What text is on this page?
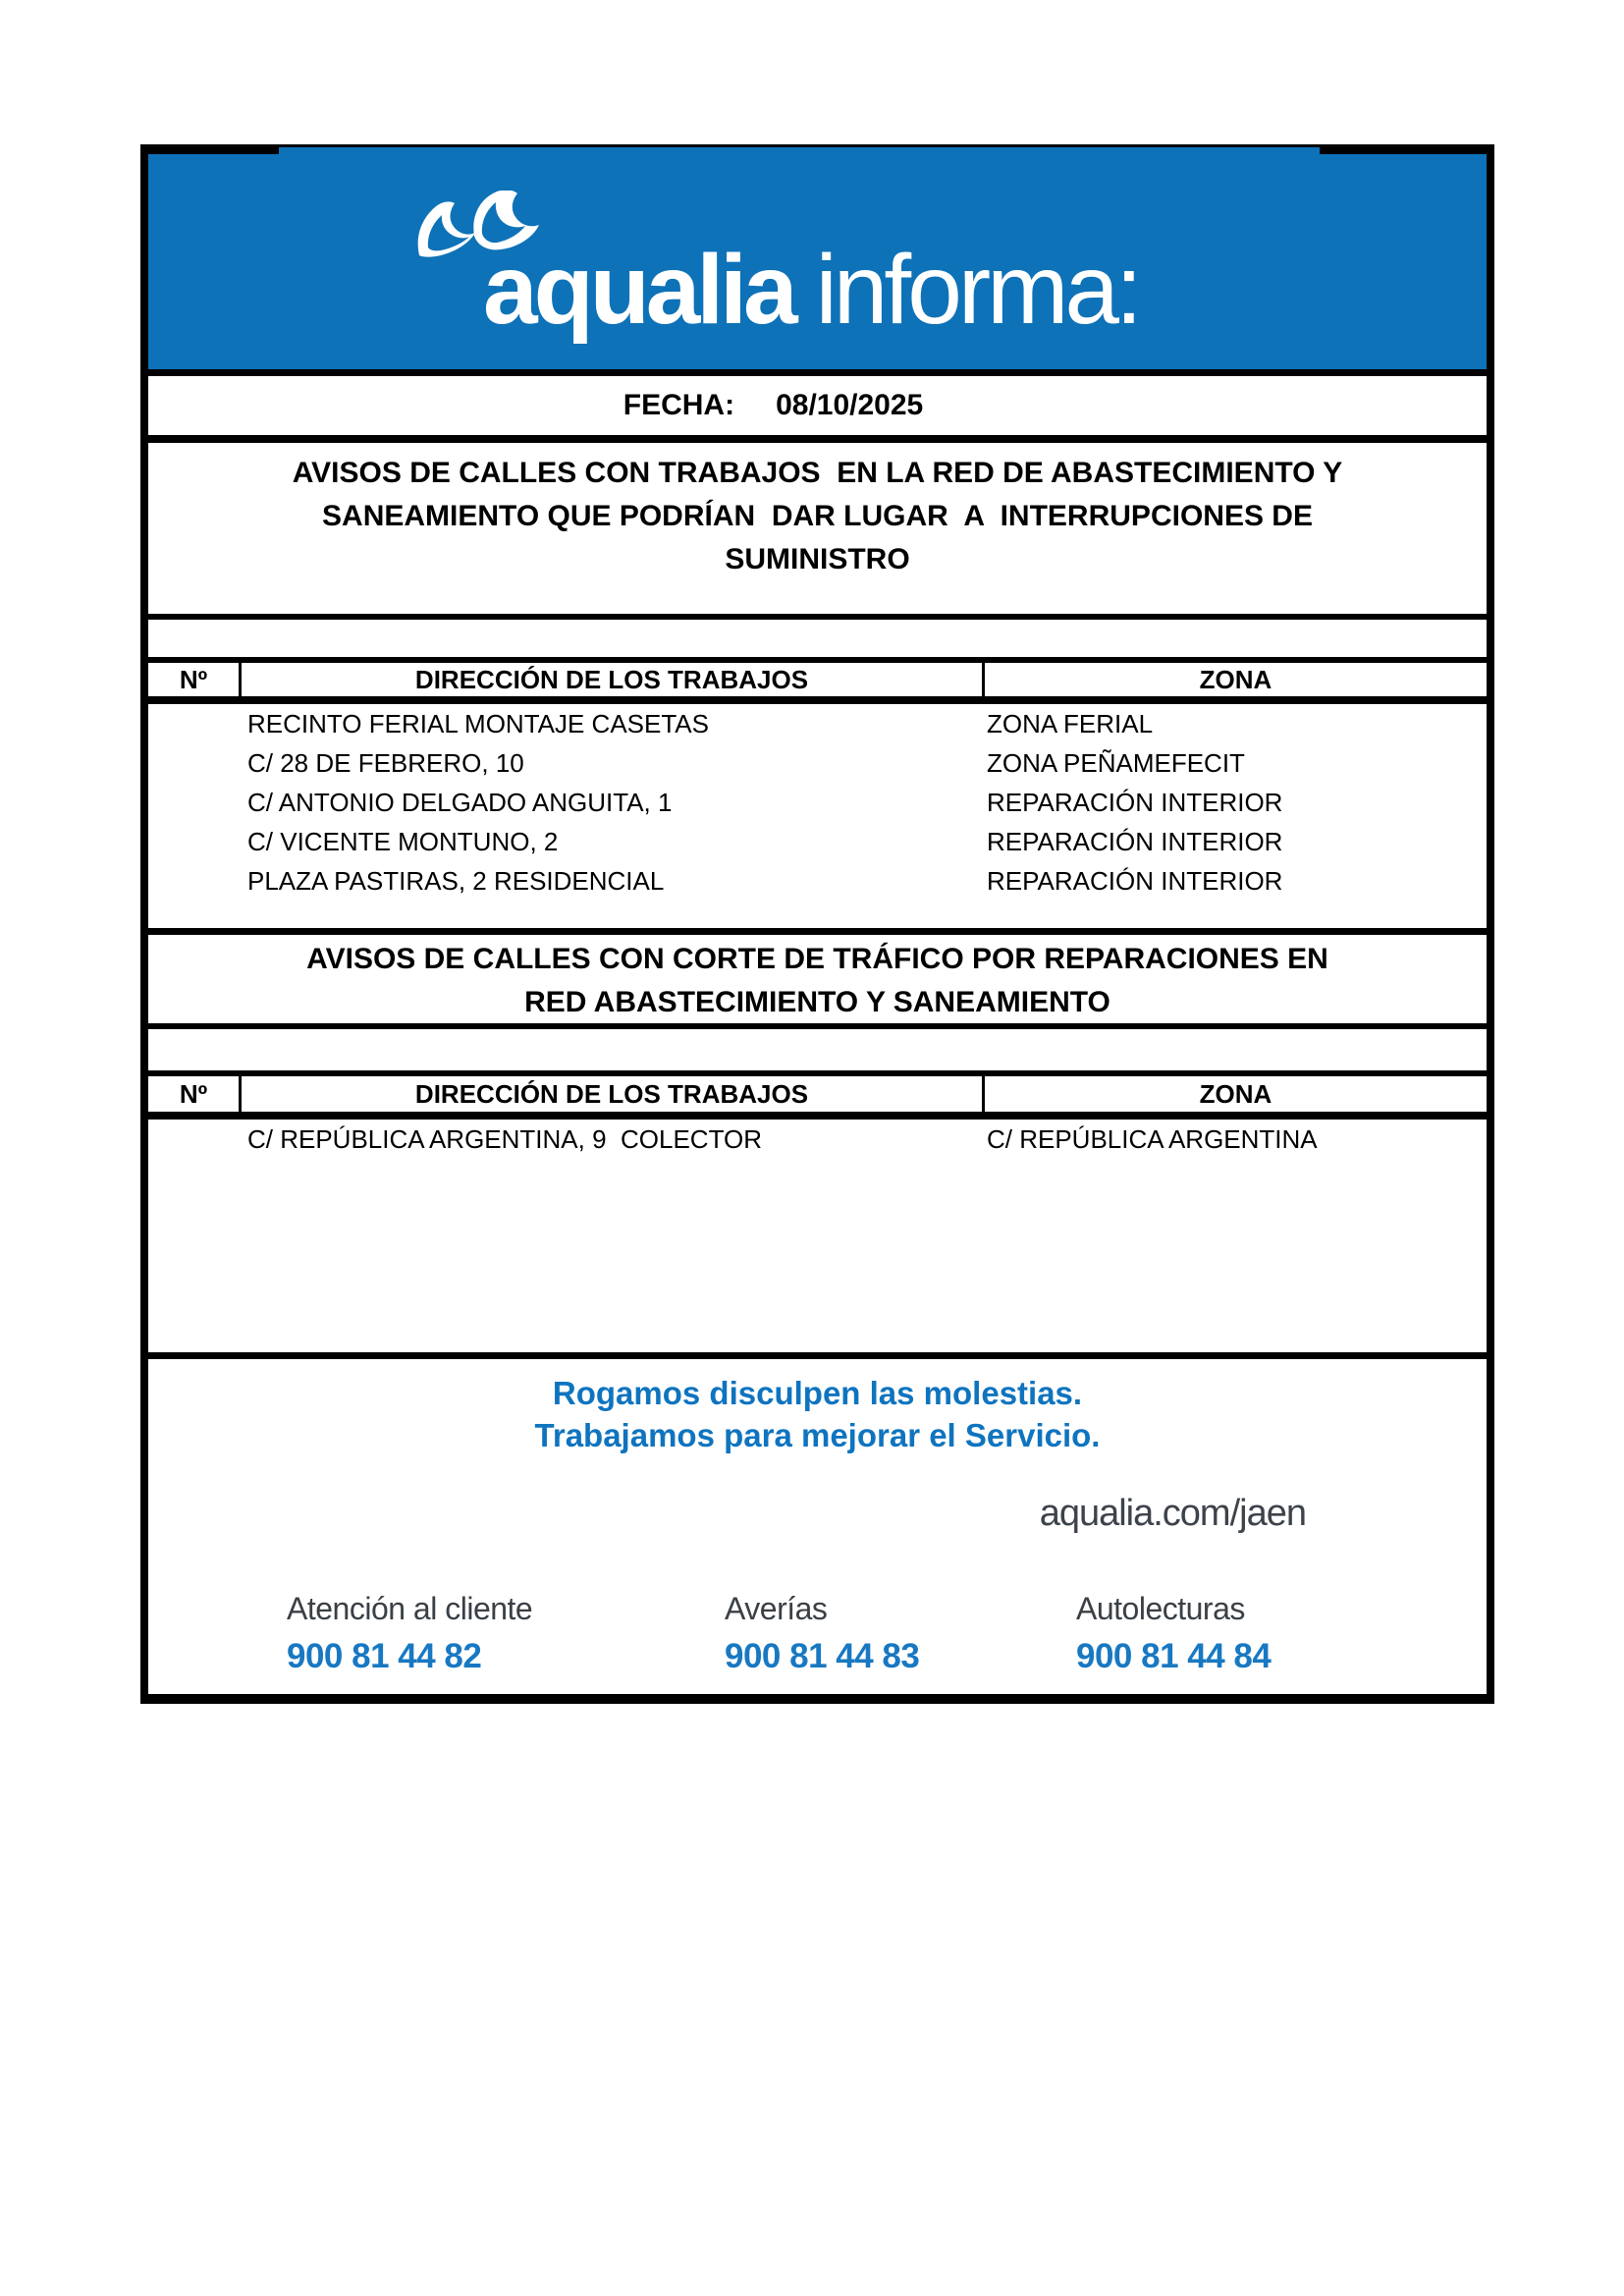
aqualia informa:
FECHA: 08/10/2025
AVISOS DE CALLES CON TRABAJOS  EN LA RED DE ABASTECIMIENTO Y
SANEAMIENTO QUE PODRÍAN  DAR LUGAR  A  INTERRUPCIONES DE
SUMINISTRO
Nº	DIRECCIÓN DE LOS TRABAJOS	ZONA
RECINTO FERIAL MONTAJE CASETAS	ZONA FERIAL
C/ 28 DE FEBRERO, 10	ZONA PEÑAMEFECIT
C/ ANTONIO DELGADO ANGUITA, 1	REPARACIÓN INTERIOR
C/ VICENTE MONTUNO, 2	REPARACIÓN INTERIOR
PLAZA PASTIRAS, 2 RESIDENCIAL	REPARACIÓN INTERIOR
AVISOS DE CALLES CON CORTE DE TRÁFICO POR REPARACIONES EN
RED ABASTECIMIENTO Y SANEAMIENTO
Nº	DIRECCIÓN DE LOS TRABAJOS	ZONA
C/ REPÚBLICA ARGENTINA, 9  COLECTOR	C/ REPÚBLICA ARGENTINA
Rogamos disculpen las molestias.
Trabajamos para mejorar el Servicio.
aqualia.com/jaen
Atención al cliente
900 81 44 82
Averías
900 81 44 83
Autolecturas
900 81 44 84
